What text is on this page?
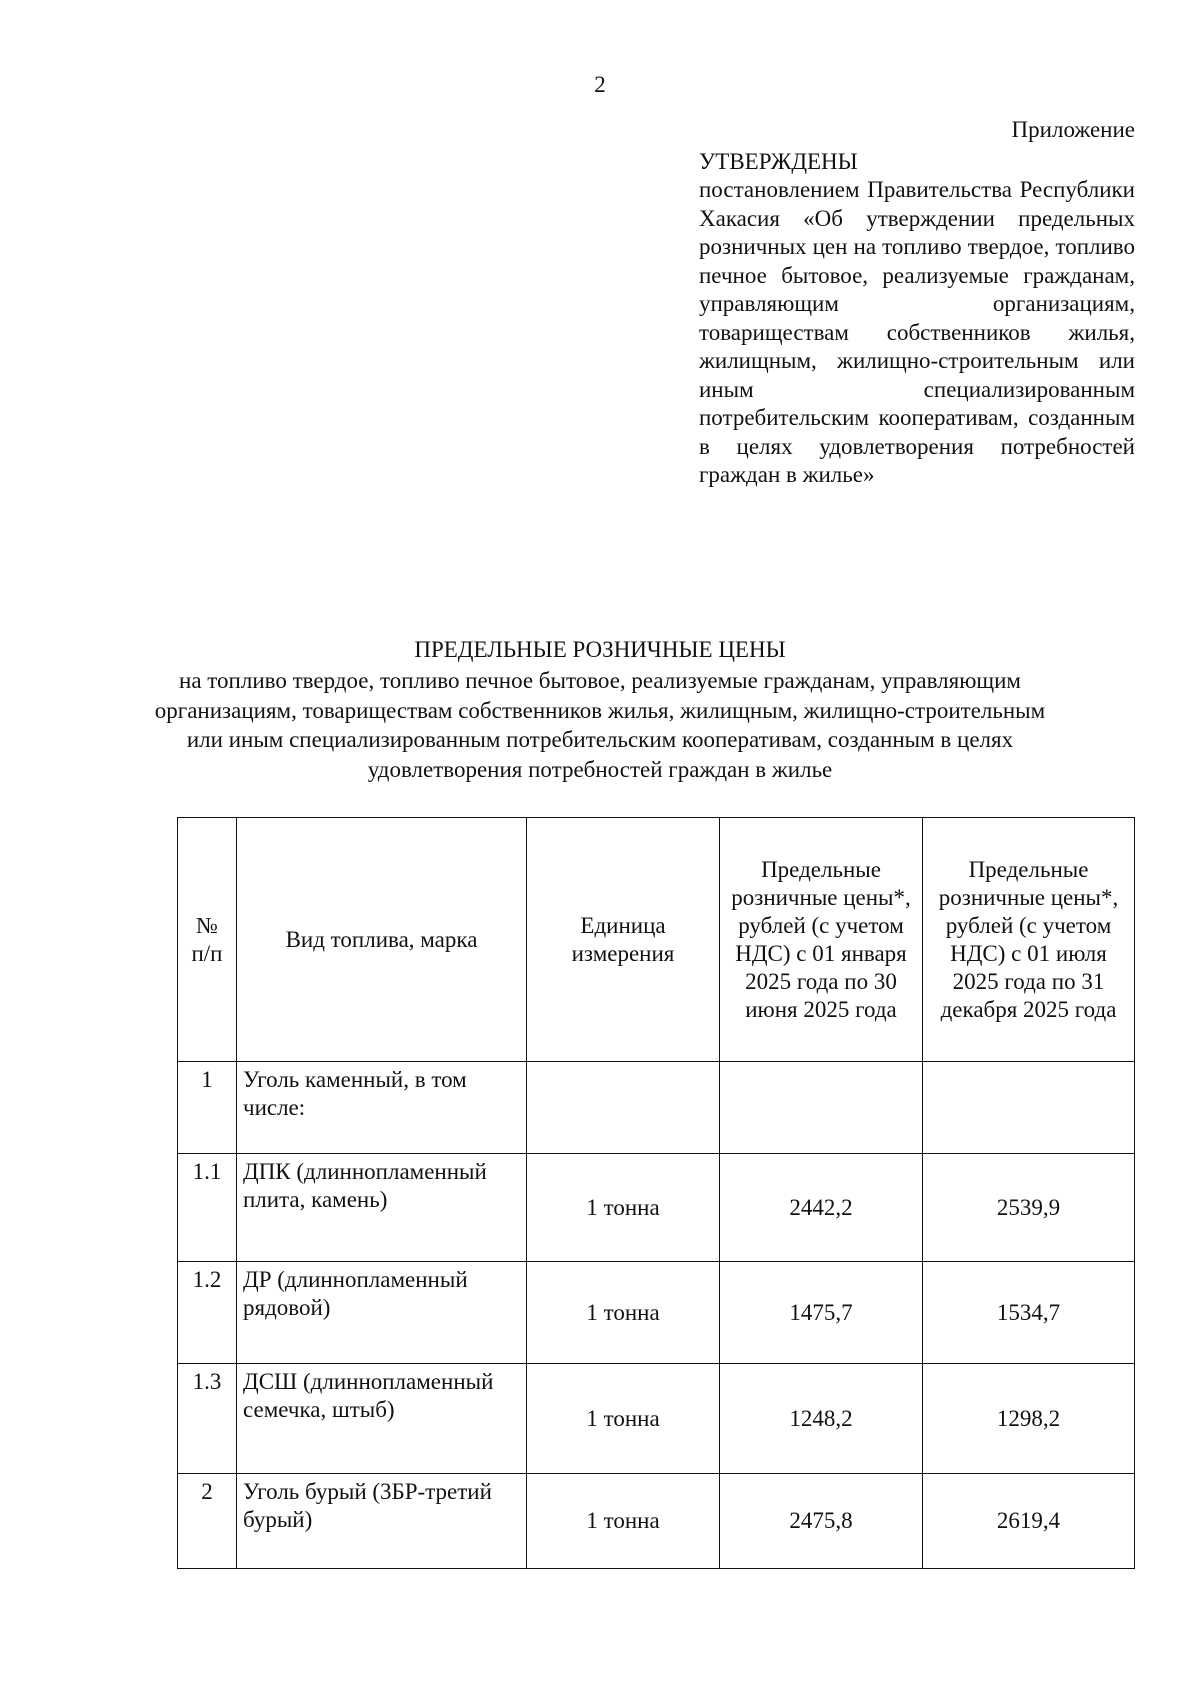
2
Приложение
УТВЕРЖДЕНЫ
постановлением Правительства Республики Хакасия «Об утверждении предельных розничных цен на топливо твердое, топливо печное бытовое, реализуемые гражданам, управляющим организациям, товариществам собственников жилья, жилищным, жилищно-строительным или иным специализированным потребительским кооперативам, созданным в целях удовлетворения потребностей граждан в жилье»
ПРЕДЕЛЬНЫЕ РОЗНИЧНЫЕ ЦЕНЫ
на топливо твердое, топливо печное бытовое, реализуемые гражданам, управляющим организациям, товариществам собственников жилья, жилищным, жилищно-строительным или иным специализированным потребительским кооперативам, созданным в целях удовлетворения потребностей граждан в жилье
№ п/п	Вид топлива, марка	Единица измерения	Предельные розничные цены*, рублей (с учетом НДС) с 01 января 2025 года по 30 июня 2025 года	Предельные розничные цены*, рублей (с учетом НДС) с 01 июля 2025 года по 31 декабря 2025 года
1	Уголь каменный, в том числе:			
1.1	ДПК (длиннопламенный плита, камень)	1 тонна	2442,2	2539,9
1.2	ДР (длиннопламенный рядовой)	1 тонна	1475,7	1534,7
1.3	ДСШ (длиннопламенный семечка, штыб)	1 тонна	1248,2	1298,2
2	Уголь бурый (3БР-третий бурый)	1 тонна	2475,8	2619,4
